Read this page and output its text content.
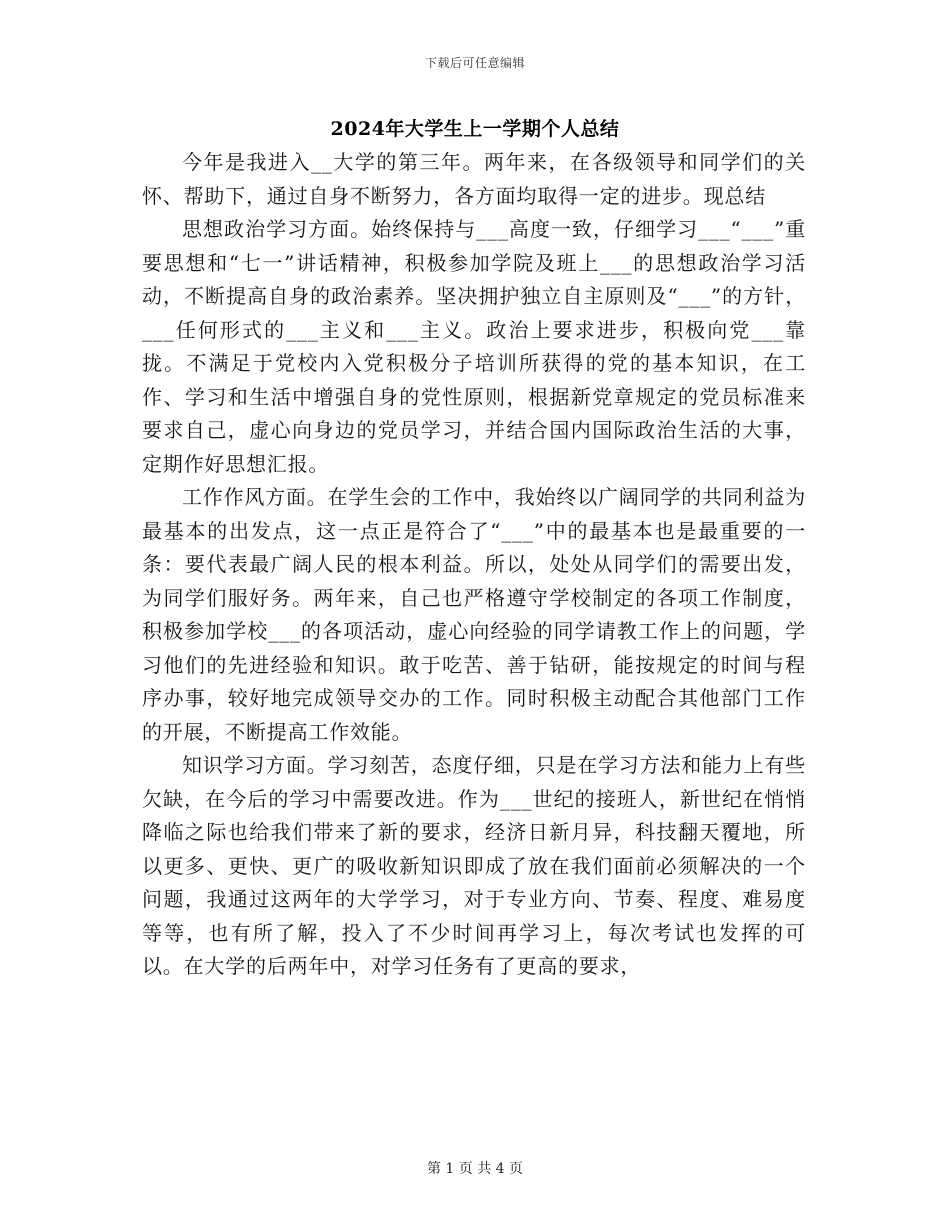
下载后可任意编辑
2024年大学生上一学期个人总结

今年是我进入__大学的第三年。两年来，在各级领导和同学们的关怀、帮助下，通过自身不断努力，各方面均取得一定的进步。现总结

思想政治学习方面。始终保持与___高度一致，仔细学习___“___”重要思想和“七一”讲话精神，积极参加学院及班上___的思想政治学习活动，不断提高自身的政治素养。坚决拥护独立自主原则及“___”的方针，___任何形式的___主义和___主义。政治上要求进步，积极向党___靠拢。不满足于党校内入党积极分子培训所获得的党的基本知识，在工作、学习和生活中增强自身的党性原则，根据新党章规定的党员标准来要求自己，虚心向身边的党员学习，并结合国内国际政治生活的大事，定期作好思想汇报。

工作作风方面。在学生会的工作中，我始终以广阔同学的共同利益为最基本的出发点，这一点正是符合了“___”中的最基本也是最重要的一条：要代表最广阔人民的根本利益。所以，处处从同学们的需要出发，为同学们服好务。两年来，自己也严格遵守学校制定的各项工作制度，积极参加学校___的各项活动，虚心向经验的同学请教工作上的问题，学习他们的先进经验和知识。敢于吃苦、善于钻研，能按规定的时间与程序办事，较好地完成领导交办的工作。同时积极主动配合其他部门工作的开展，不断提高工作效能。

知识学习方面。学习刻苦，态度仔细，只是在学习方法和能力上有些欠缺，在今后的学习中需要改进。作为___世纪的接班人，新世纪在悄悄降临之际也给我们带来了新的要求，经济日新月异，科技翻天覆地，所以更多、更快、更广的吸收新知识即成了放在我们面前必须解决的一个问题，我通过这两年的大学学习，对于专业方向、节奏、程度、难易度等等，也有所了解，投入了不少时间再学习上，每次考试也发挥的可以。在大学的后两年中，对学习任务有了更高的要求，

第 1 页 共 4 页
